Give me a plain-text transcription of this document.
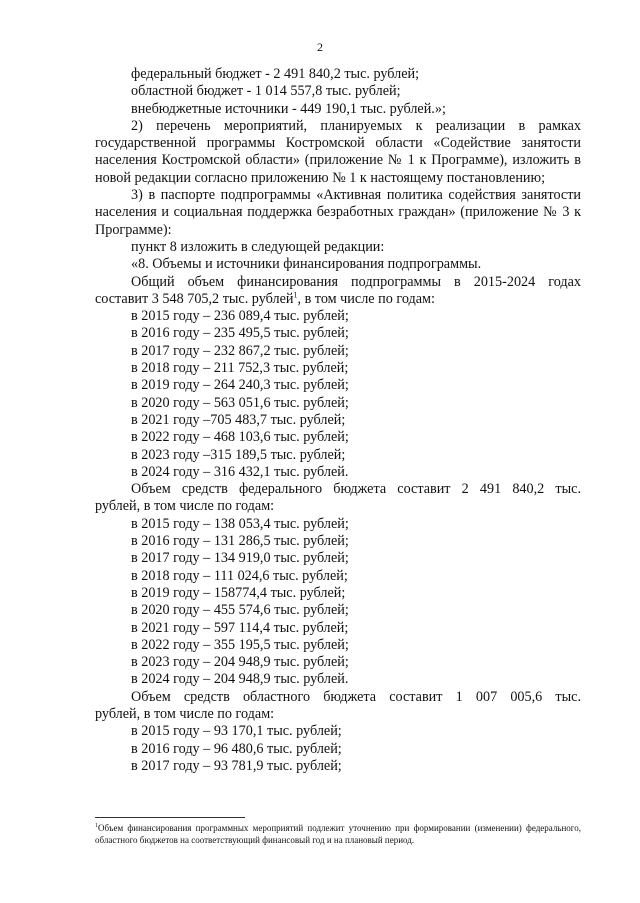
2

федеральный бюджет - 2 491 840,2 тыс. рублей;

областной бюджет - 1 014 557,8 тыс. рублей;

внебюджетные источники - 449 190,1 тыс. рублей.»;

2) перечень мероприятий, планируемых к реализации в рамках государственной программы Костромской области «Содействие занятости населения Костромской области» (приложение № 1 к Программе), изложить в новой редакции согласно приложению № 1 к настоящему постановлению;

3) в паспорте подпрограммы «Активная политика содействия занятости населения и социальная поддержка безработных граждан» (приложение № 3 к Программе):

пункт 8 изложить в следующей редакции:

«8. Объемы и источники финансирования подпрограммы.

Общий объем финансирования подпрограммы в 2015-2024 годах

составит 3 548 705,2 тыс. рублей$^1$, в том числе по годам:

в 2015 году – 236 089,4 тыс. рублей;

в 2016 году – 235 495,5 тыс. рублей;

в 2017 году – 232 867,2 тыс. рублей;

в 2018 году – 211 752,3 тыс. рублей;

в 2019 году – 264 240,3 тыс. рублей;

в 2020 году – 563 051,6 тыс. рублей;

в 2021 году –705 483,7 тыс. рублей;

в 2022 году – 468 103,6 тыс. рублей;

в 2023 году –315 189,5 тыс. рублей;

в 2024 году – 316 432,1 тыс. рублей.

Объем средств федерального бюджета составит 2 491 840,2 тыс.

рублей, в том числе по годам:

в 2015 году – 138 053,4 тыс. рублей;

в 2016 году – 131 286,5 тыс. рублей;

в 2017 году – 134 919,0 тыс. рублей;

в 2018 году – 111 024,6 тыс. рублей;

в 2019 году – 158774,4 тыс. рублей;

в 2020 году – 455 574,6 тыс. рублей;

в 2021 году – 597 114,4 тыс. рублей;

в 2022 году – 355 195,5 тыс. рублей;

в 2023 году – 204 948,9 тыс. рублей;

в 2024 году – 204 948,9 тыс. рублей.

Объем средств областного бюджета составит 1 007 005,6 тыс.

рублей, в том числе по годам:

в 2015 году – 93 170,1 тыс. рублей;

в 2016 году – 96 480,6 тыс. рублей;

в 2017 году – 93 781,9 тыс. рублей;

$^1$Объем финансирования программных мероприятий подлежит уточнению при формировании (изменении) федерального, областного бюджетов на соответствующий финансовый год и на плановый период.
